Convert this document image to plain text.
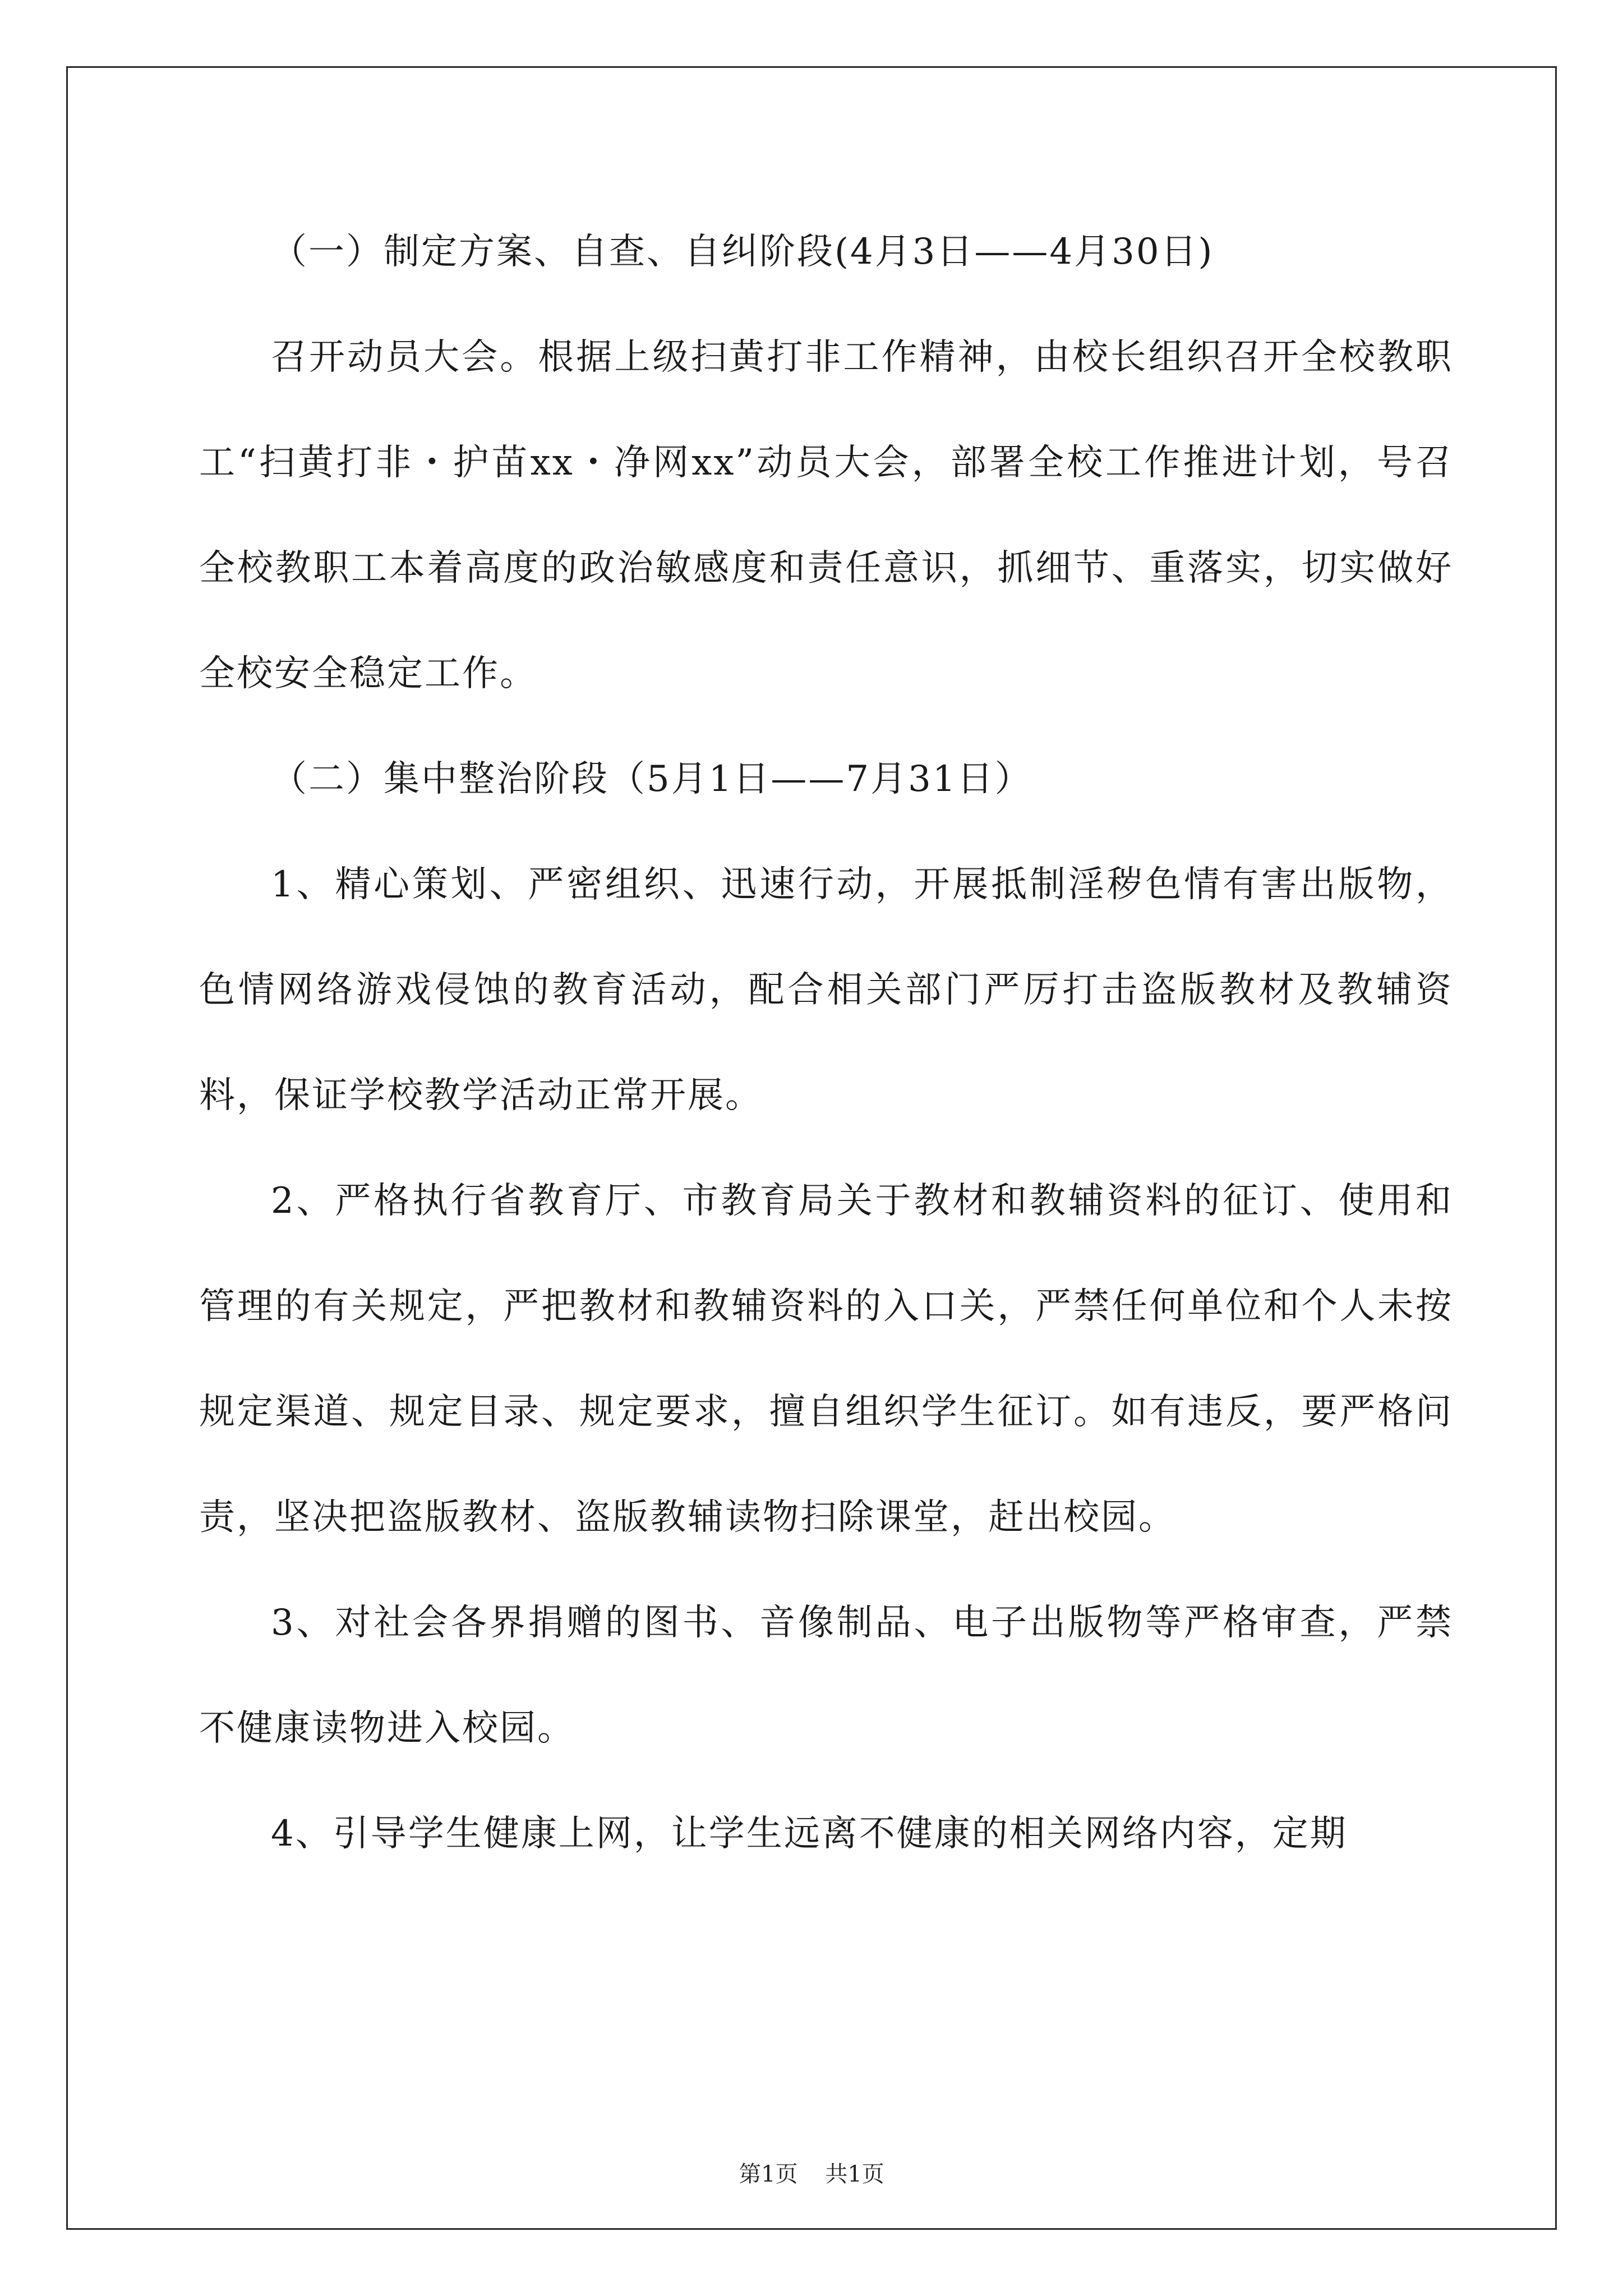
（一）制定方案、自查、自纠阶段(4月3日——4月30日)

召开动员大会。根据上级扫黄打非工作精神，由校长组织召开全校教职工“扫黄打非・护苗xx・净网xx”动员大会，部署全校工作推进计划，号召全校教职工本着高度的政治敏感度和责任意识，抓细节、重落实，切实做好全校安全稳定工作。

（二）集中整治阶段（5月1日——7月31日）

1、精心策划、严密组织、迅速行动，开展抵制淫秽色情有害出版物，色情网络游戏侵蚀的教育活动，配合相关部门严厉打击盗版教材及教辅资料，保证学校教学活动正常开展。

2、严格执行省教育厅、市教育局关于教材和教辅资料的征订、使用和管理的有关规定，严把教材和教辅资料的入口关，严禁任何单位和个人未按规定渠道、规定目录、规定要求，擅自组织学生征订。如有违反，要严格问责，坚决把盗版教材、盗版教辅读物扫除课堂，赶出校园。

3、对社会各界捐赠的图书、音像制品、电子出版物等严格审查，严禁不健康读物进入校园。

4、引导学生健康上网，让学生远离不健康的相关网络内容，定期

第1页 共1页
